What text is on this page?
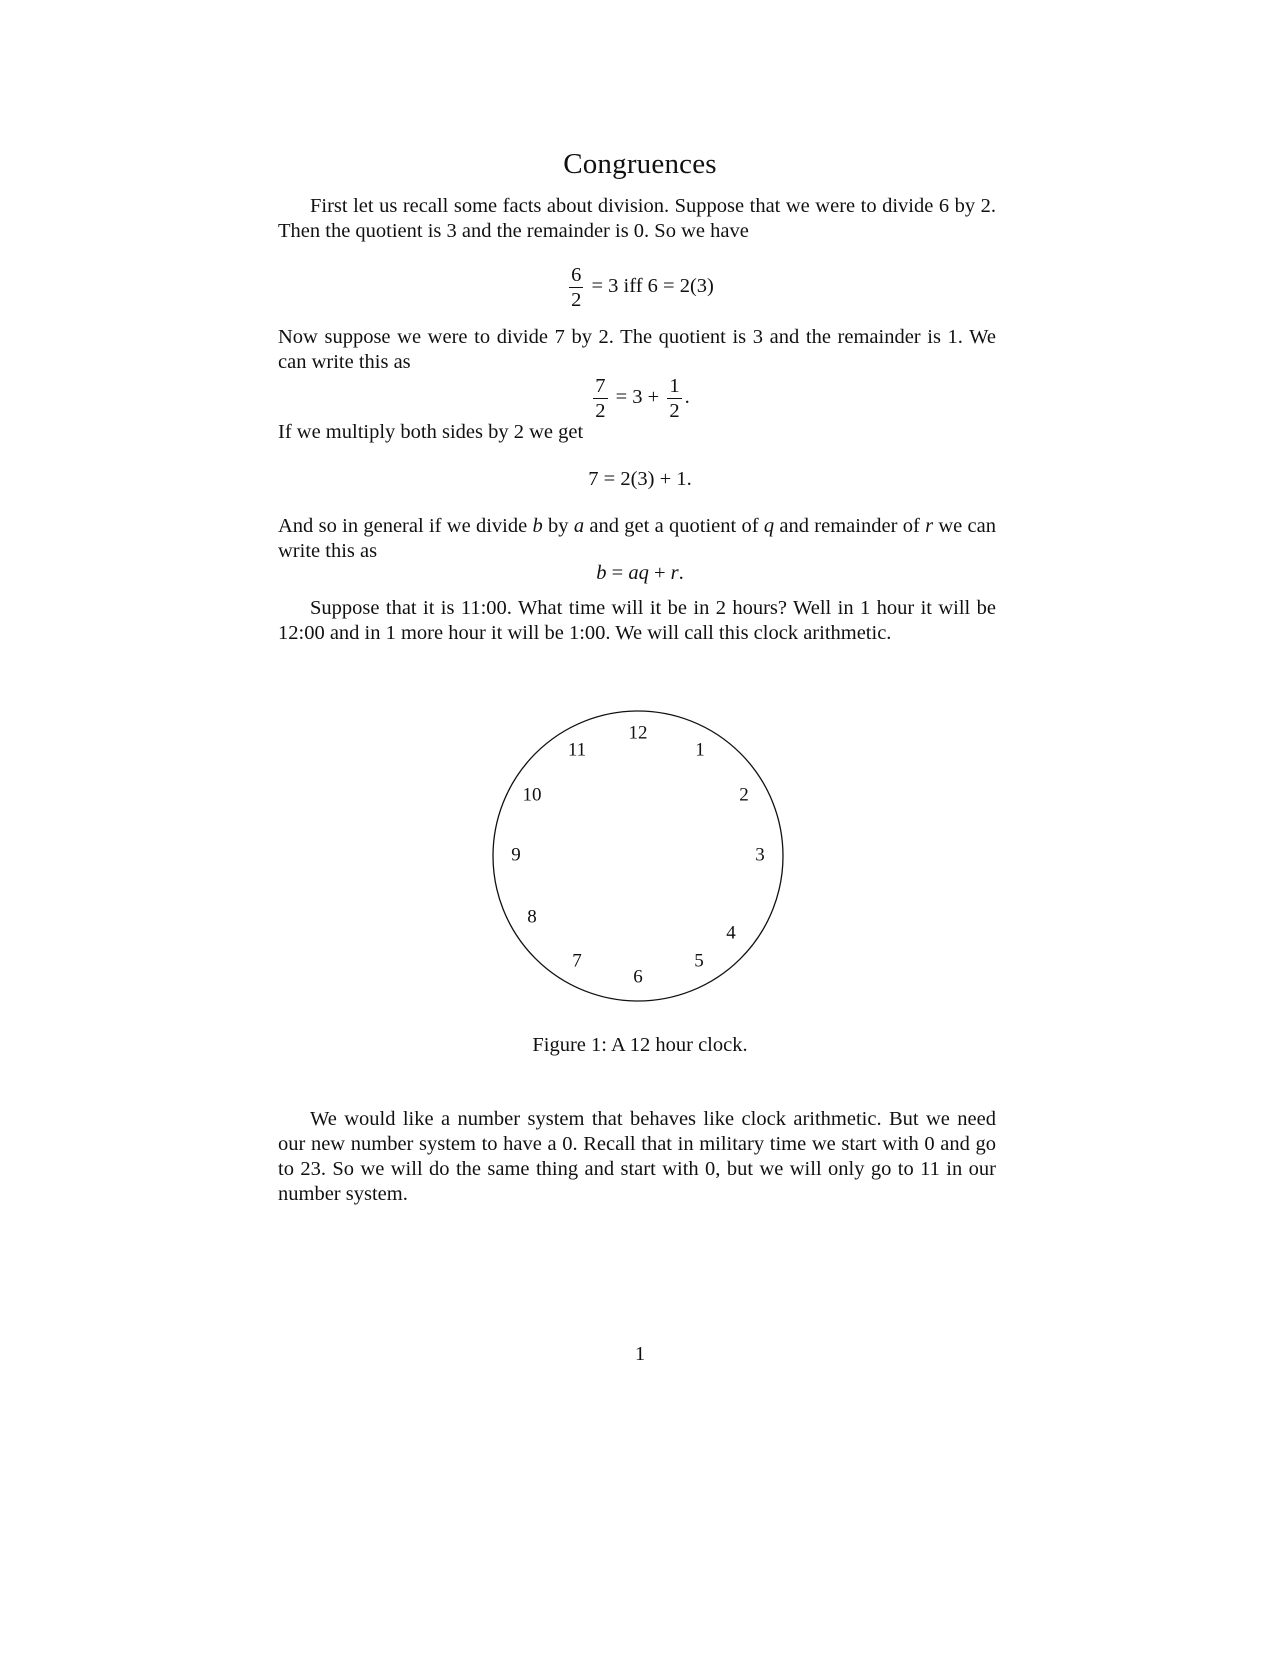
Congruences

First let us recall some facts about division. Suppose that we were to divide 6 by 2. Then the quotient is 3 and the remainder is 0. So we have

$\frac{6}{2} = 3$ iff 6 = 2(3)

Now suppose we were to divide 7 by 2. The quotient is 3 and the remainder is 1. We can write this as

$\frac{7}{2} = 3 + \frac{1}{2}$ .

If we multiply both sides by 2 we get

7 = 2(3) + 1.

And so in general if we divide b by a and get a quotient of q and remainder of r we can write this as

b = aq + r.

Suppose that it is 11:00. What time will it be in 2 hours? Well in 1 hour it will be 12:00 and in 1 more hour it will be 1:00. We will call this clock arithmetic.

12
1
2
3
4
5
6
7
8
9
10
11
Figure 1: A 12 hour clock.

We would like a number system that behaves like clock arithmetic. But we need our new number system to have a 0. Recall that in military time we start with 0 and go to 23. So we will do the same thing and start with 0, but we will only go to 11 in our number system.

1
